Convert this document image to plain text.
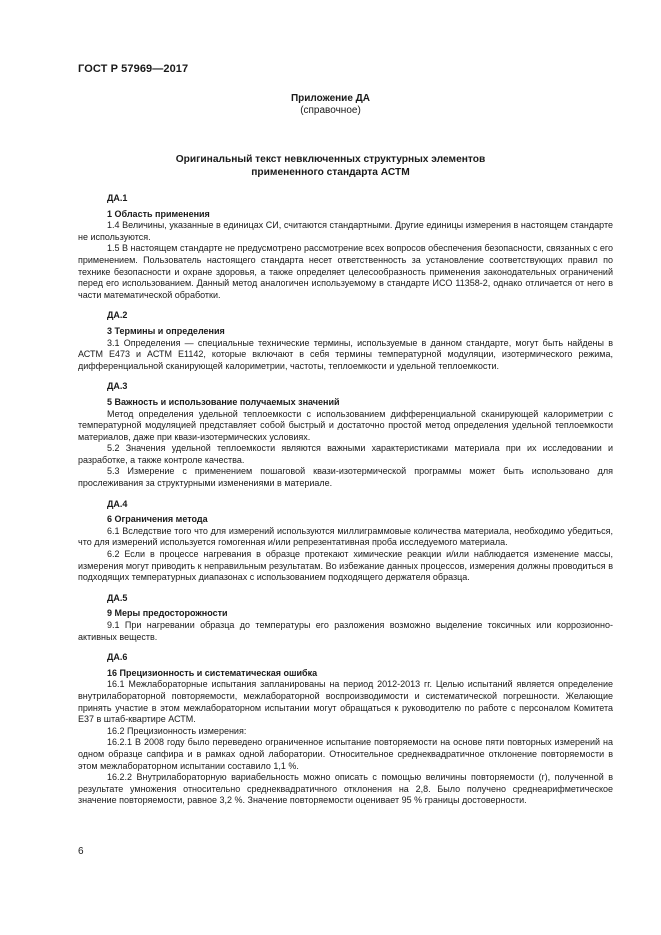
ГОСТ Р 57969—2017
Приложение ДА
(справочное)
Оригинальный текст невключенных структурных элементов
примененного стандарта АСТМ
ДА.1
1 Область применения

1.4 Величины, указанные в единицах СИ, считаются стандартными. Другие единицы измерения в настоящем стандарте не используются.

1.5 В настоящем стандарте не предусмотрено рассмотрение всех вопросов обеспечения безопасности, связанных с его применением. Пользователь настоящего стандарта несет ответственность за установление соответствующих правил по технике безопасности и охране здоровья, а также определяет целесообразность применения законодательных ограничений перед его использованием. Данный метод аналогичен используемому в стандарте ИСО 11358-2, однако отличается от него в части математической обработки.

ДА.2
3 Термины и определения

3.1 Определения — специальные технические термины, используемые в данном стандарте, могут быть найдены в АСТМ Е473 и АСТМ Е1142, которые включают в себя термины температурной модуляции, изотермического режима, дифференциальной сканирующей калориметрии, частоты, теплоемкости и удельной теплоемкости.

ДА.3
5 Важность и использование получаемых значений

Метод определения удельной теплоемкости с использованием дифференциальной сканирующей калориметрии с температурной модуляцией представляет собой быстрый и достаточно простой метод определения удельной теплоемкости материалов, даже при квази-изотермических условиях.

5.2 Значения удельной теплоемкости являются важными характеристиками материала при их исследовании и разработке, а также контроле качества.

5.3 Измерение с применением пошаговой квази-изотермической программы может быть использовано для прослеживания за структурными изменениями в материале.

ДА.4
6 Ограничения метода

6.1 Вследствие того что для измерений используются миллиграммовые количества материала, необходимо убедиться, что для измерений используется гомогенная и/или репрезентативная проба исследуемого материала.

6.2 Если в процессе нагревания в образце протекают химические реакции и/или наблюдается изменение массы, измерения могут приводить к неправильным результатам. Во избежание данных процессов, измерения должны проводиться в подходящих температурных диапазонах с использованием подходящего держателя образца.

ДА.5
9 Меры предосторожности

9.1 При нагревании образца до температуры его разложения возможно выделение токсичных или коррозионно-активных веществ.

ДА.6
16 Прецизионность и систематическая ошибка

16.1 Межлабораторные испытания запланированы на период 2012-2013 гг. Целью испытаний является определение внутрилабораторной повторяемости, межлабораторной воспроизводимости и систематической погрешности. Желающие принять участие в этом межлабораторном испытании могут обращаться к руководителю по работе с персоналом Комитета Е37 в штаб-квартире АСТМ.

16.2 Прецизионность измерения:

16.2.1 В 2008 году было переведено ограниченное испытание повторяемости на основе пяти повторных измерений на одном образце сапфира и в рамках одной лаборатории. Относительное среднеквадратичное отклонение повторяемости в этом межлабораторном испытании составило 1,1 %.

16.2.2 Внутрилабораторную вариабельность можно описать с помощью величины повторяемости (r), полученной в результате умножения относительно среднеквадратичного отклонения на 2,8. Было получено среднеарифметическое значение повторяемости, равное 3,2 %. Значение повторяемости оценивает 95 % границы достоверности.

6
